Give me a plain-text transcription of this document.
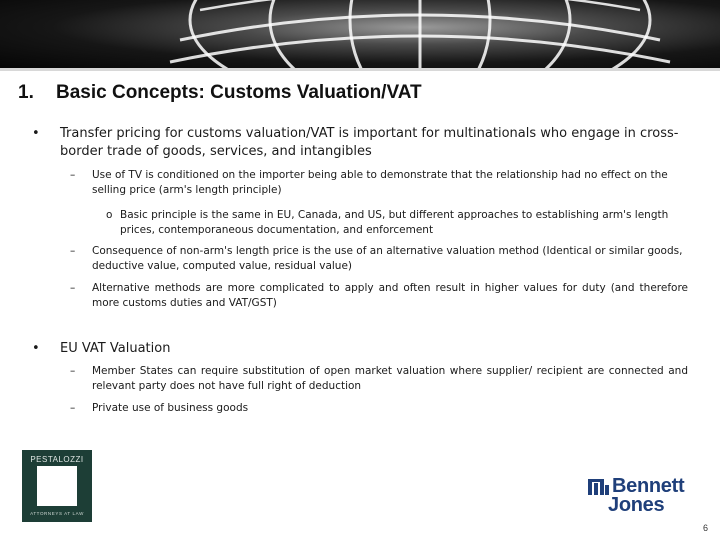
1. Basic Concepts: Customs Valuation/VAT
• Transfer pricing for customs valuation/VAT is important for multinationals who engage in cross-border trade of goods, services, and intangibles
– Use of TV is conditioned on the importer being able to demonstrate that the relationship had no effect on the selling price (arm's length principle)
o Basic principle is the same in EU, Canada, and US, but different approaches to establishing arm's length prices, contemporaneous documentation, and enforcement
– Consequence of non-arm's length price is the use of an alternative valuation method (Identical or similar goods, deductive value, computed value, residual value)
– Alternative methods are more complicated to apply and often result in higher values for duty (and therefore more customs duties and VAT/GST)
• EU VAT Valuation
– Member States can require substitution of open market valuation where supplier/ recipient are connected and relevant party does not have full right of deduction
– Private use of business goods
PESTALOZZI
ATTORNEYS AT LAW
Bennett
Jones
6
